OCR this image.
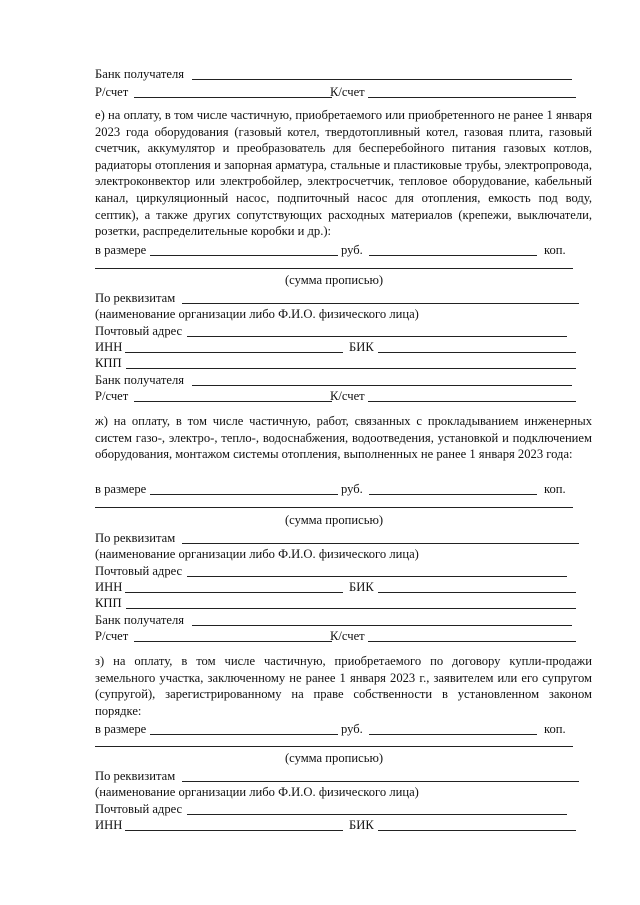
Банк получателя
Р/счет	К/счет
е) на оплату, в том числе частичную, приобретаемого или приобретенного не ранее 1 января 2023 года оборудования (газовый котел, твердотопливный котел, газовая плита, газовый счетчик, аккумулятор и преобразователь для бесперебойного питания газовых котлов, радиаторы отопления и запорная арматура, стальные и пластиковые трубы, электропровода, электроконвектор или электробойлер, электросчетчик, тепловое оборудование, кабельный канал, циркуляционный насос, подпиточный насос для отопления, емкость под воду, септик), а также других сопутствующих расходных материалов (крепежи, выключатели, розетки, распределительные коробки и др.):
в размере	руб.	коп.
(сумма прописью)
По реквизитам
(наименование организации либо Ф.И.О. физического лица)
Почтовый адрес
ИНН	БИК
КПП
Банк получателя
Р/счет	К/счет
ж) на оплату, в том числе частичную, работ, связанных с прокладыванием инженерных систем газо-, электро-, тепло-, водоснабжения, водоотведения, установкой и подключением оборудования, монтажом системы отопления, выполненных не ранее 1 января 2023 года:
в размере	руб.	коп.
(сумма прописью)
По реквизитам
(наименование организации либо Ф.И.О. физического лица)
Почтовый адрес
ИНН	БИК
КПП
Банк получателя
Р/счет	К/счет
з) на оплату, в том числе частичную, приобретаемого по договору купли-продажи земельного участка, заключенному не ранее 1 января 2023 г., заявителем или его супругом (супругой), зарегистрированному на праве собственности в установленном законом порядке:
в размере	руб.	коп.
(сумма прописью)
По реквизитам
(наименование организации либо Ф.И.О. физического лица)
Почтовый адрес
ИНН	БИК
